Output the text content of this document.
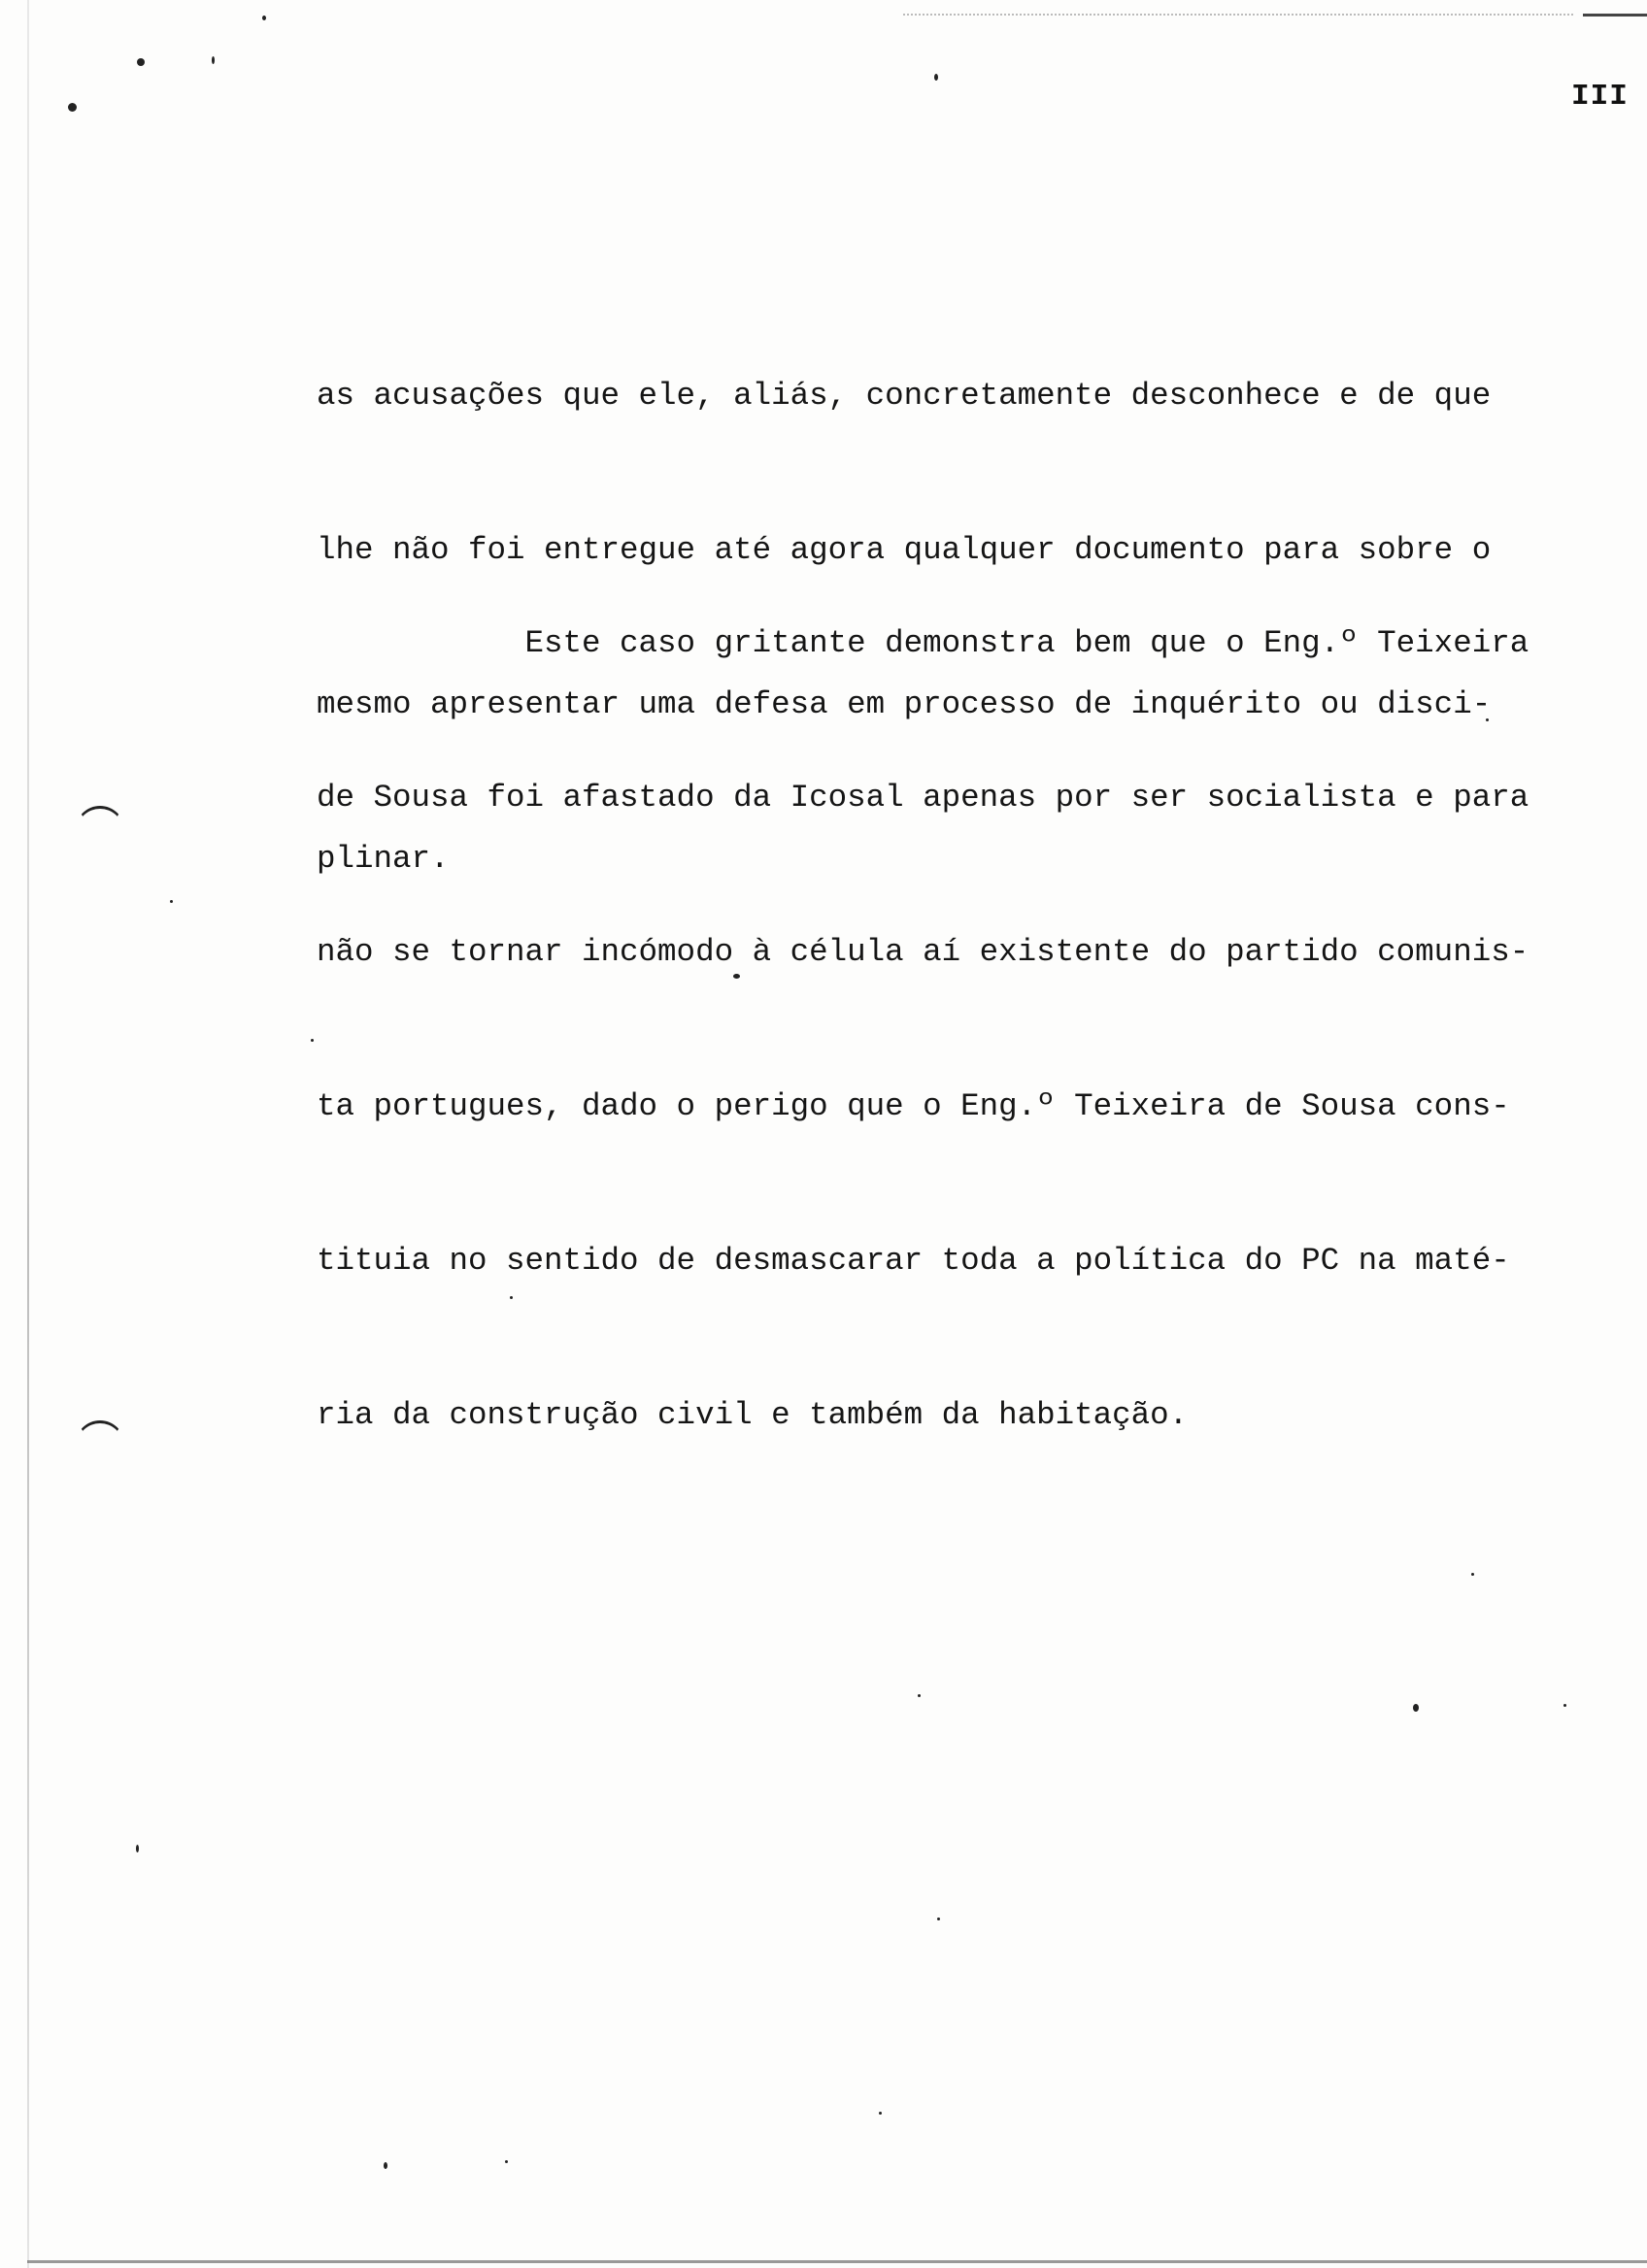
III

as acusações que ele, aliás, concretamente desconhece e de que

lhe não foi entregue até agora qualquer documento para sobre o

mesmo apresentar uma defesa em processo de inquérito ou disci-

plinar.

Este caso gritante demonstra bem que o Eng.º Teixeira

de Sousa foi afastado da Icosal apenas por ser socialista e para

não se tornar incómodo à célula aí existente do partido comunis-

ta portugues, dado o perigo que o Eng.º Teixeira de Sousa cons-

tituia no sentido de desmascarar toda a política do PC na maté-

ria da construção civil e também da habitação.
